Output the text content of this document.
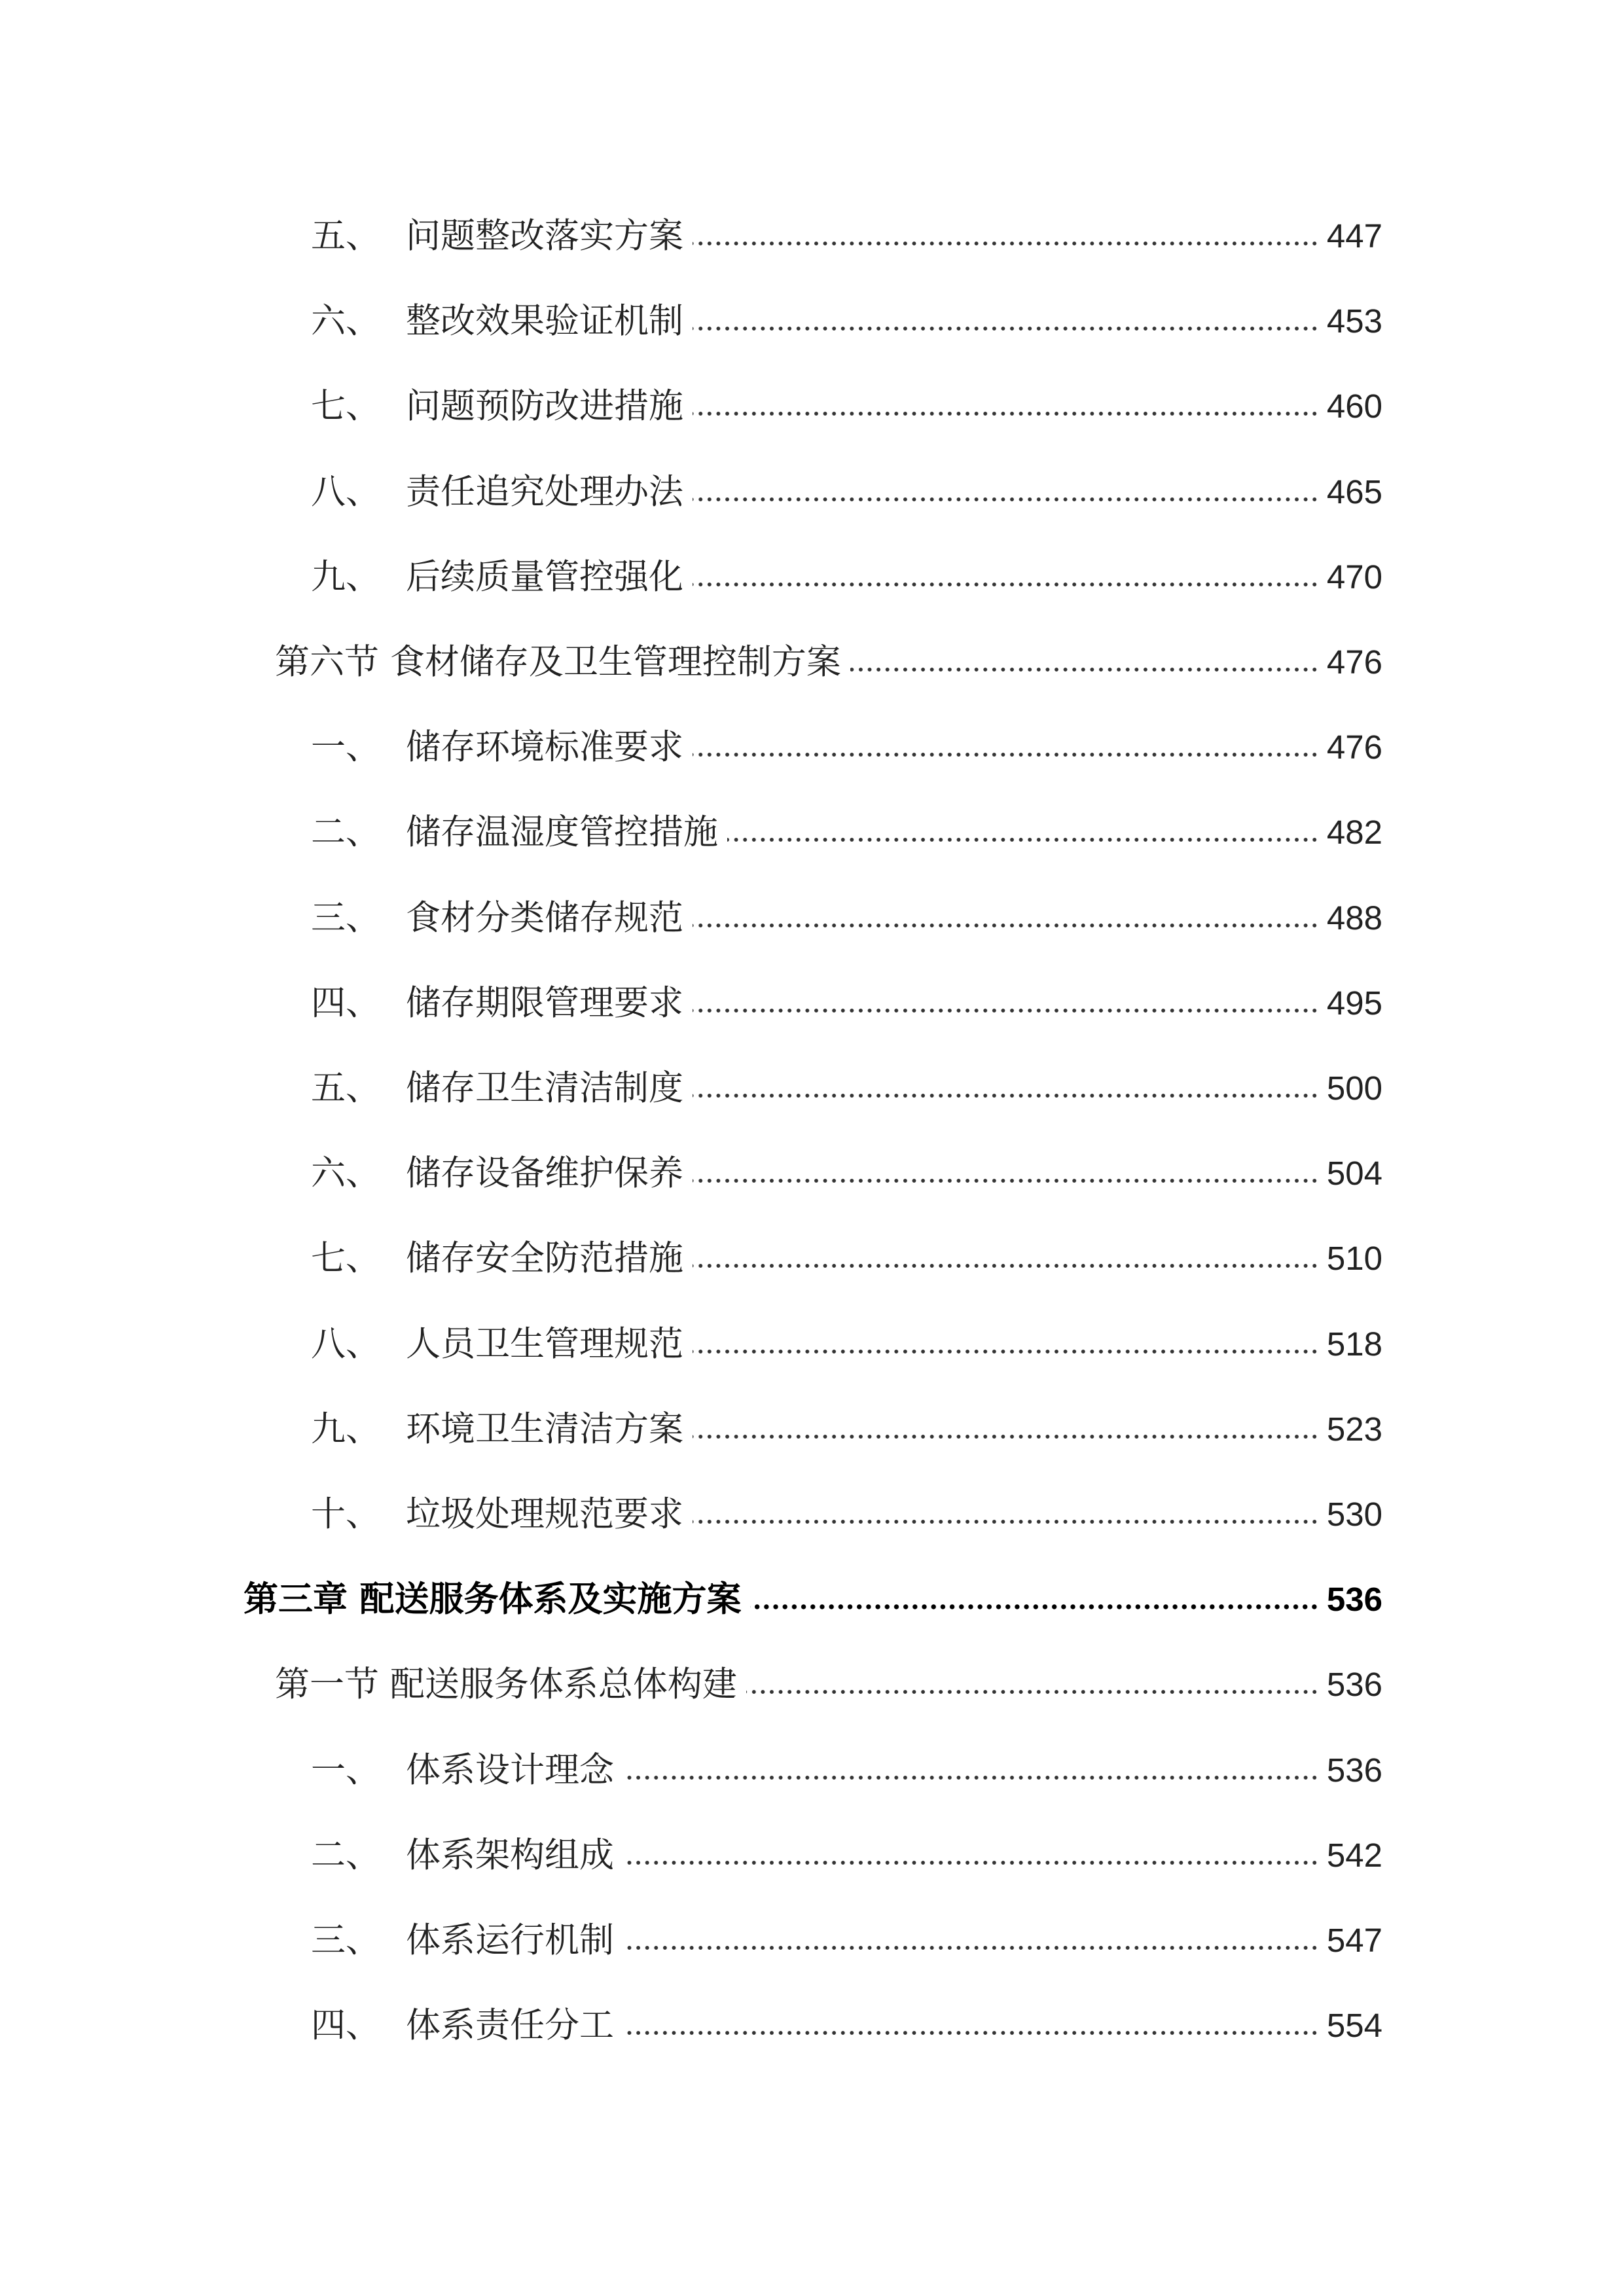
五、 问题整改落实方案	447
六、 整改效果验证机制	453
七、 问题预防改进措施	460
八、 责任追究处理办法	465
九、 后续质量管控强化	470
第六节 食材储存及卫生管理控制方案	476
一、 储存环境标准要求	476
二、 储存温湿度管控措施	482
三、 食材分类储存规范	488
四、 储存期限管理要求	495
五、 储存卫生清洁制度	500
六、 储存设备维护保养	504
七、 储存安全防范措施	510
八、 人员卫生管理规范	518
九、 环境卫生清洁方案	523
十、 垃圾处理规范要求	530
第三章 配送服务体系及实施方案	536
第一节 配送服务体系总体构建	536
一、 体系设计理念	536
二、 体系架构组成	542
三、 体系运行机制	547
四、 体系责任分工	554
